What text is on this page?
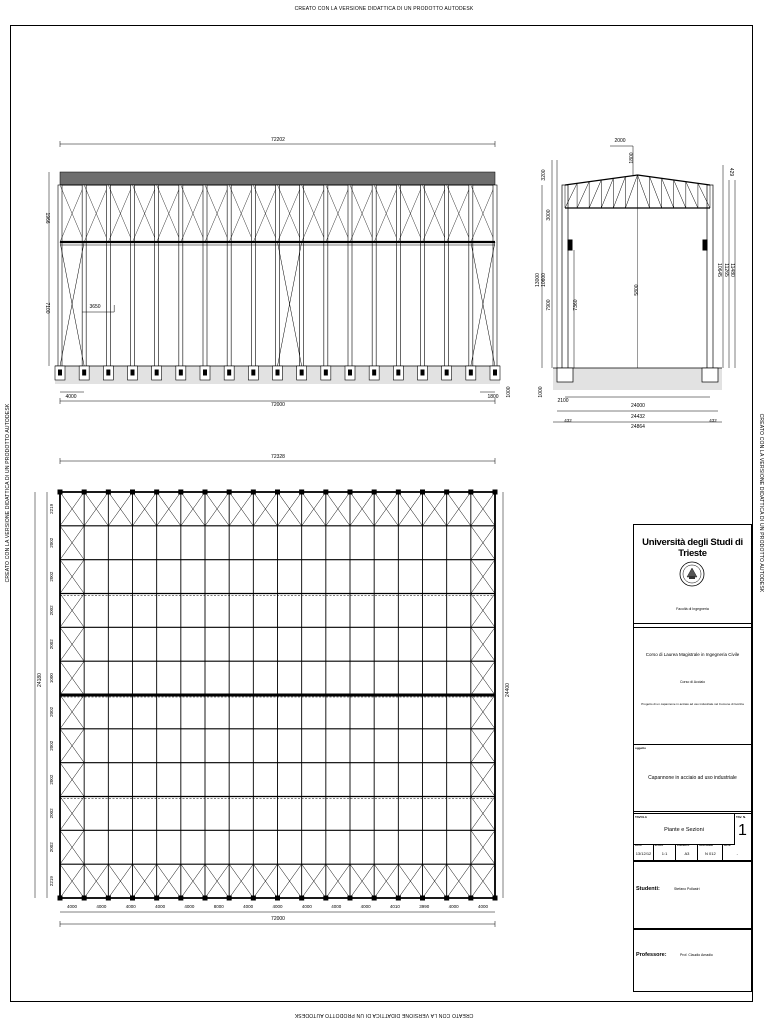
CREATO CON LA VERSIONE DIDATTICA DI UN PRODOTTO AUTODESK
CREATO CON LA VERSIONE DIDATTICA DI UN PRODOTTO AUTODESK
CREATO CON LA VERSIONE DIDATTICA DI UN PRODOTTO AUTODESK	CREATO CON LA VERSIONE DIDATTICA DI UN PRODOTTO AUTODESK
72202
72000
4000	1800
1966
7100	3650
1000
2000
1800
3200
3000
13000 10600
7900	7360
5800
429
10645 11265 11480
1000
2100
24000
24432
432	432
24864
72328
72000
24180
24400
4000	4000	4000	4000	4000	8000	4000	4000	4000	4000	4000	4010	3990	4000	4000
2219
2002
2002
2002
2002
1000
2002
2002
2002
2002
2002
2219
Università degli Studi di Trieste
Facoltà di Ingegneria
Corso di Laurea Magistrale in Ingegneria Civile
Corso di Acciaio
Progetto di un capannone in acciaio ad uso industriale nel Comune di Gorizia
oggetto
Capannone in acciaio ad uso industriale
TAVOLA
Piante e Sezioni
TAV. N.
1
DATA
13/12/12
SCALA
1:1
FORMATO
A3
REVISIONE
N 012
NOTE
-
Studenti:	Stefano Pollastri
Professore:	Prof. Claudio Amadio
